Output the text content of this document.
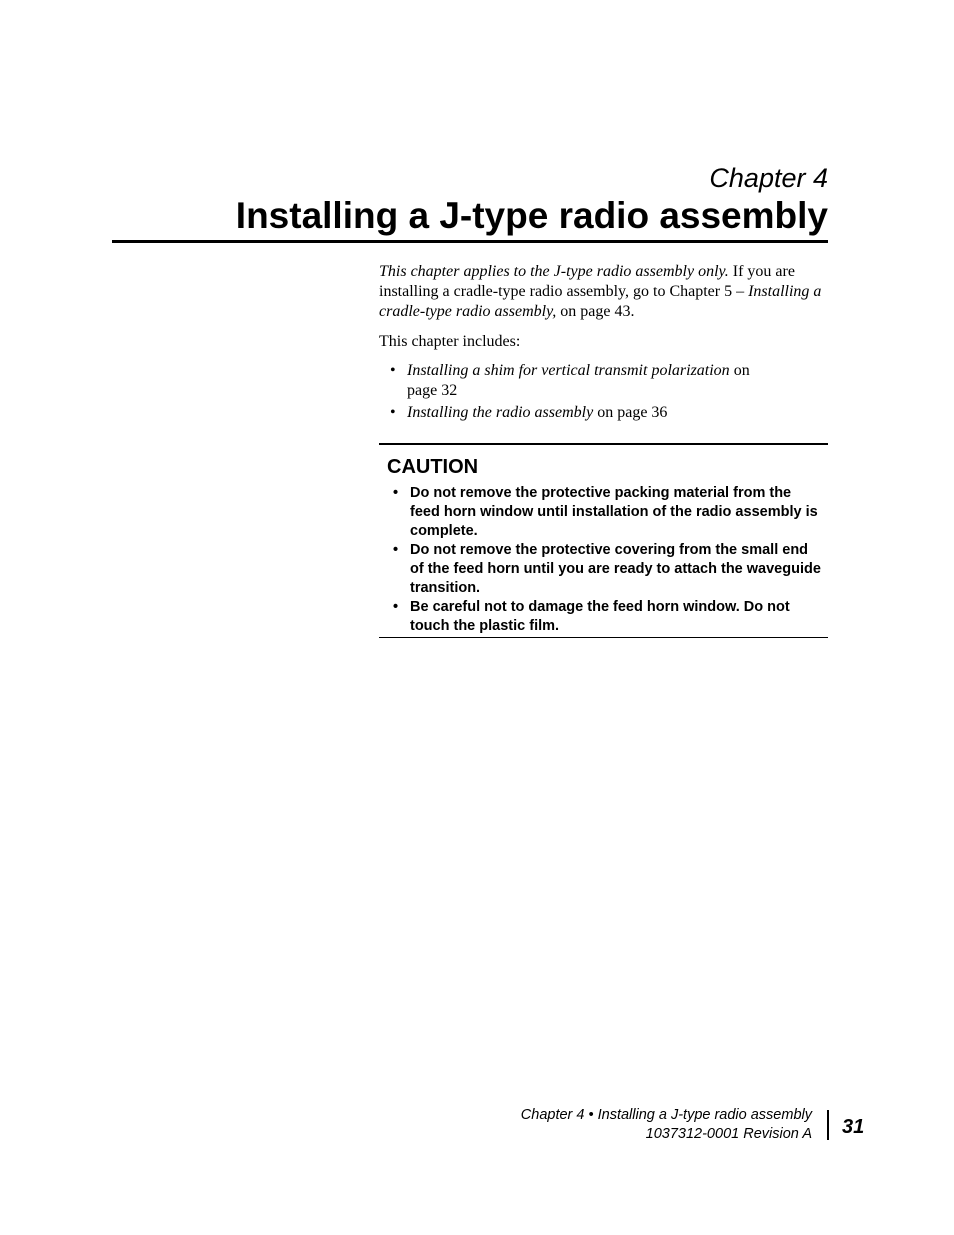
Chapter 4
Installing a J-type radio assembly

This chapter applies to the J-type radio assembly only. If you are installing a cradle-type radio assembly, go to Chapter 5 – Installing a cradle-type radio assembly, on page 43.

This chapter includes:

• Installing a shim for vertical transmit polarization on page 32
• Installing the radio assembly on page 36
CAUTION
• Do not remove the protective packing material from the feed horn window until installation of the radio assembly is complete.
• Do not remove the protective covering from the small end of the feed horn until you are ready to attach the waveguide transition.
• Be careful not to damage the feed horn window. Do not touch the plastic film.
Chapter 4 • Installing a J-type radio assembly
1037312-0001 Revision A 31
